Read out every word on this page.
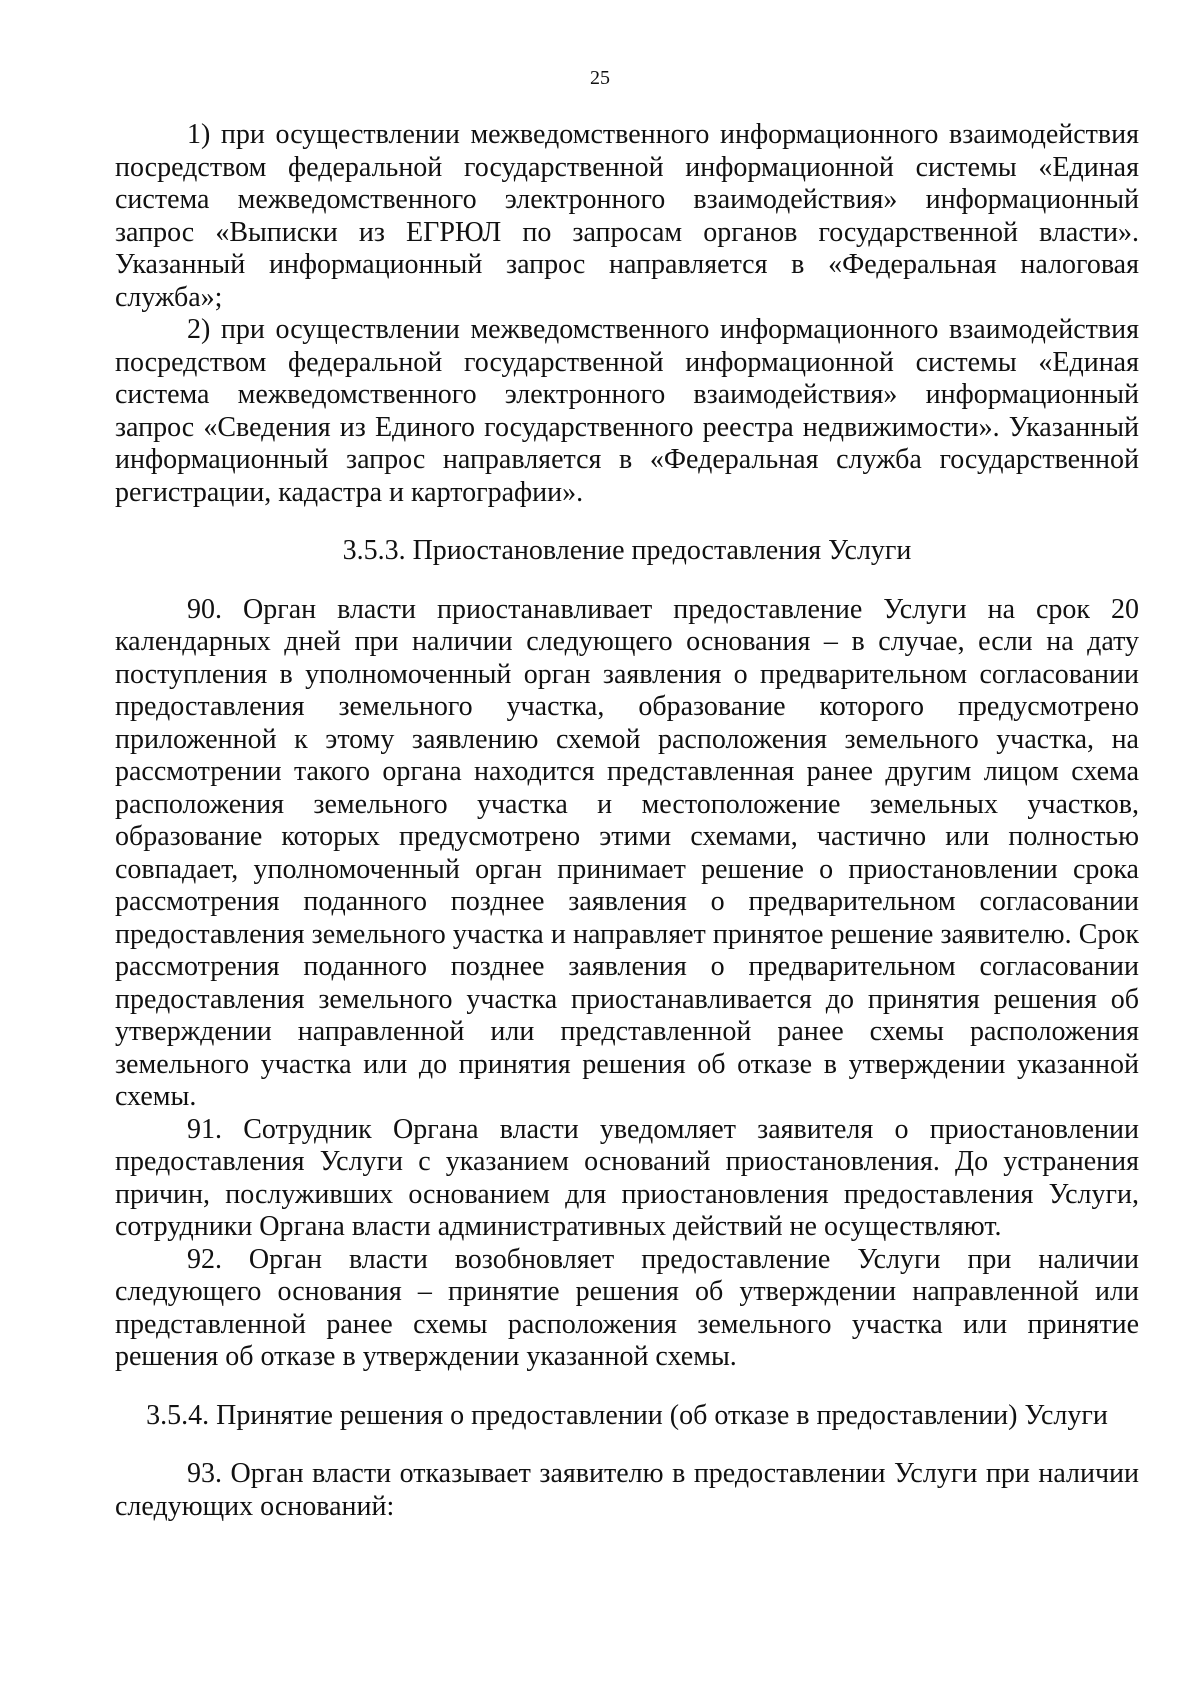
25

1) при осуществлении межведомственного информационного взаимодействия посредством федеральной государственной информационной системы «Единая система межведомственного электронного взаимодействия» информационный запрос «Выписки из ЕГРЮЛ по запросам органов государственной власти». Указанный информационный запрос направляется в «Федеральная налоговая служба»;

2) при осуществлении межведомственного информационного взаимодействия посредством федеральной государственной информационной системы «Единая система межведомственного электронного взаимодействия» информационный запрос «Сведения из Единого государственного реестра недвижимости». Указанный информационный запрос направляется в «Федеральная служба государственной регистрации, кадастра и картографии».

3.5.3. Приостановление предоставления Услуги

90. Орган власти приостанавливает предоставление Услуги на срок 20 календарных дней при наличии следующего основания – в случае, если на дату поступления в уполномоченный орган заявления о предварительном согласовании предоставления земельного участка, образование которого предусмотрено приложенной к этому заявлению схемой расположения земельного участка, на рассмотрении такого органа находится представленная ранее другим лицом схема расположения земельного участка и местоположение земельных участков, образование которых предусмотрено этими схемами, частично или полностью совпадает, уполномоченный орган принимает решение о приостановлении срока рассмотрения поданного позднее заявления о предварительном согласовании предоставления земельного участка и направляет принятое решение заявителю. Срок рассмотрения поданного позднее заявления о предварительном согласовании предоставления земельного участка приостанавливается до принятия решения об утверждении направленной или представленной ранее схемы расположения земельного участка или до принятия решения об отказе в утверждении указанной схемы.

91. Сотрудник Органа власти уведомляет заявителя о приостановлении предоставления Услуги с указанием оснований приостановления. До устранения причин, послуживших основанием для приостановления предоставления Услуги, сотрудники Органа власти административных действий не осуществляют.

92. Орган власти возобновляет предоставление Услуги при наличии следующего основания – принятие решения об утверждении направленной или представленной ранее схемы расположения земельного участка или принятие решения об отказе в утверждении указанной схемы.

3.5.4. Принятие решения о предоставлении (об отказе в предоставлении) Услуги

93. Орган власти отказывает заявителю в предоставлении Услуги при наличии следующих оснований:
